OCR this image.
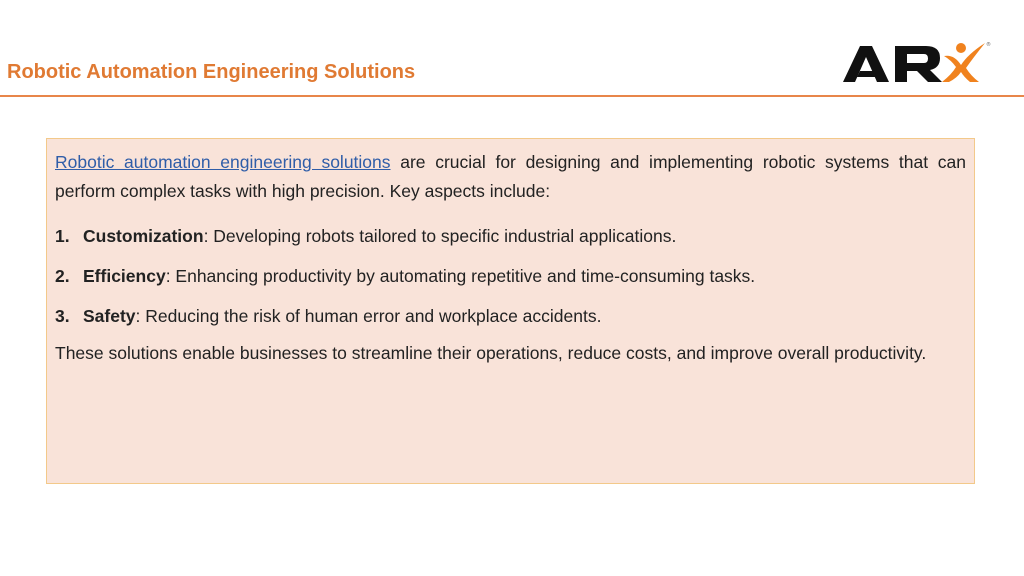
Robotic Automation Engineering Solutions
®

Robotic automation engineering solutions are crucial for designing and implementing robotic systems that can perform complex tasks with high precision. Key aspects include:

1. Customization: Developing robots tailored to specific industrial applications.
2. Efficiency: Enhancing productivity by automating repetitive and time-consuming tasks.
3. Safety: Reducing the risk of human error and workplace accidents.

These solutions enable businesses to streamline their operations, reduce costs, and improve overall productivity.
